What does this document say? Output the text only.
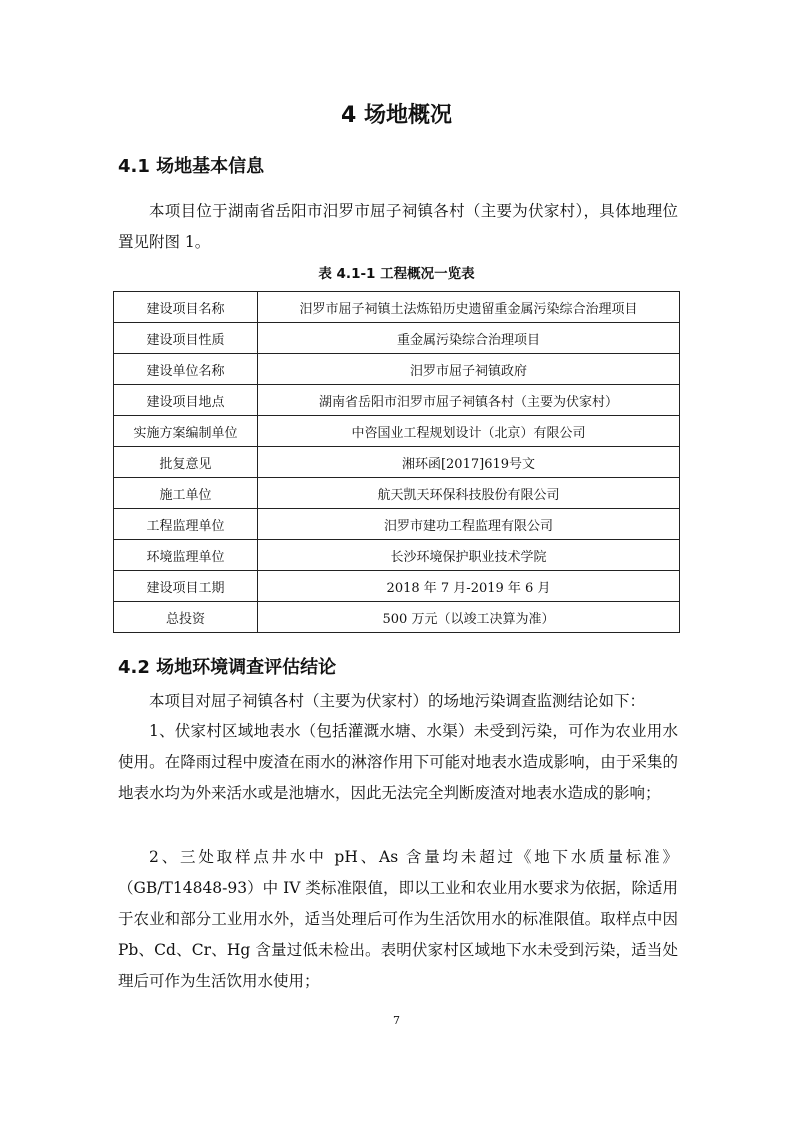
4 场地概况
4.1 场地基本信息

本项目位于湖南省岳阳市汨罗市屈子祠镇各村（主要为伏家村），具体地理位置见附图 1。

表 4.1-1 工程概况一览表
建设项目名称	汨罗市屈子祠镇土法炼铅历史遗留重金属污染综合治理项目
建设项目性质	重金属污染综合治理项目
建设单位名称	汨罗市屈子祠镇政府
建设项目地点	湖南省岳阳市汨罗市屈子祠镇各村（主要为伏家村）
实施方案编制单位	中咨国业工程规划设计（北京）有限公司
批复意见	湘环函[2017]619号文
施工单位	航天凯天环保科技股份有限公司
工程监理单位	汨罗市建功工程监理有限公司
环境监理单位	长沙环境保护职业技术学院
建设项目工期	2018 年 7 月-2019 年 6 月
总投资	500 万元（以竣工决算为准）
4.2 场地环境调查评估结论

本项目对屈子祠镇各村（主要为伏家村）的场地污染调查监测结论如下：

1、伏家村区域地表水（包括灌溉水塘、水渠）未受到污染，可作为农业用水使用。在降雨过程中废渣在雨水的淋溶作用下可能对地表水造成影响，由于采集的地表水均为外来活水或是池塘水，因此无法完全判断废渣对地表水造成的影响；

2、三处取样点井水中 pH、As 含量均未超过《地下水质量标准》（GB/T14848-93）中 IV 类标准限值，即以工业和农业用水要求为依据，除适用于农业和部分工业用水外，适当处理后可作为生活饮用水的标准限值。取样点中因 Pb、Cd、Cr、Hg 含量过低未检出。表明伏家村区域地下水未受到污染，适当处理后可作为生活饮用水使用；

7
